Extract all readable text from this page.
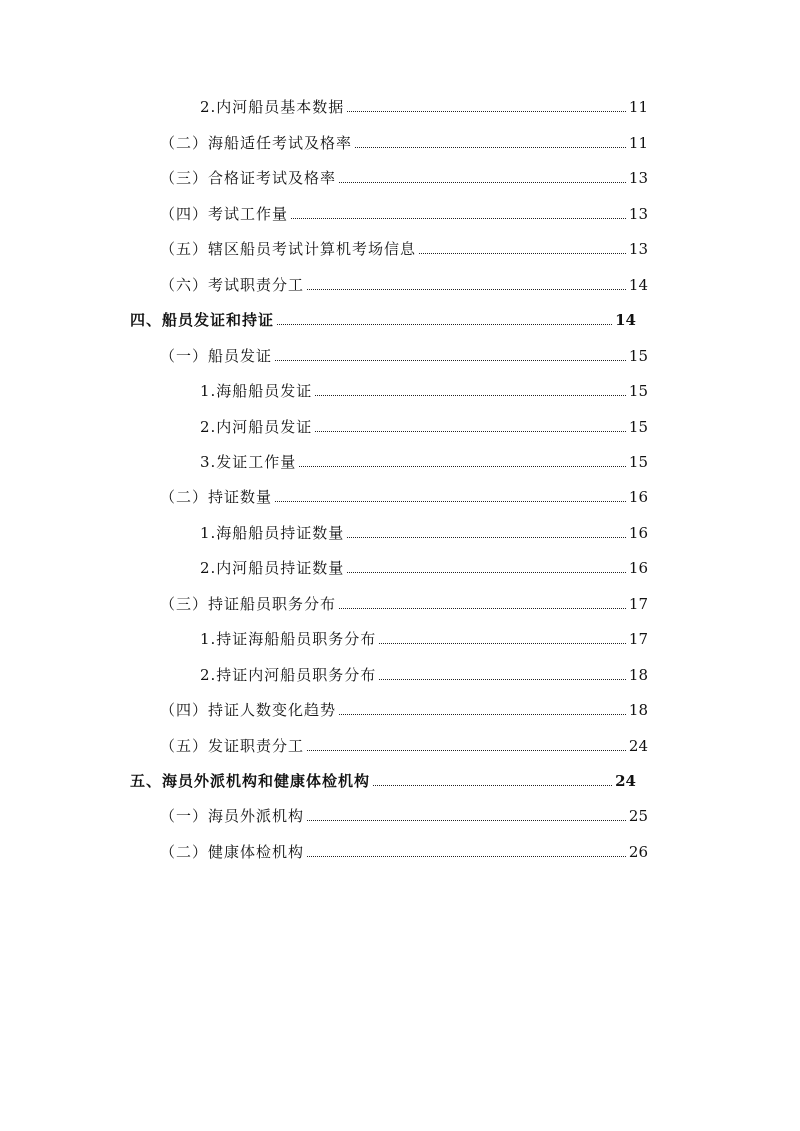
2.内河船员基本数据	11
（二）海船适任考试及格率	11
（三）合格证考试及格率	13
（四）考试工作量	13
（五）辖区船员考试计算机考场信息	13
（六）考试职责分工	14
四、船员发证和持证	14
（一）船员发证	15
1.海船船员发证	15
2.内河船员发证	15
3.发证工作量	15
（二）持证数量	16
1.海船船员持证数量	16
2.内河船员持证数量	16
（三）持证船员职务分布	17
1.持证海船船员职务分布	17
2.持证内河船员职务分布	18
（四）持证人数变化趋势	18
（五）发证职责分工	24
五、海员外派机构和健康体检机构	24
（一）海员外派机构	25
（二）健康体检机构	26
